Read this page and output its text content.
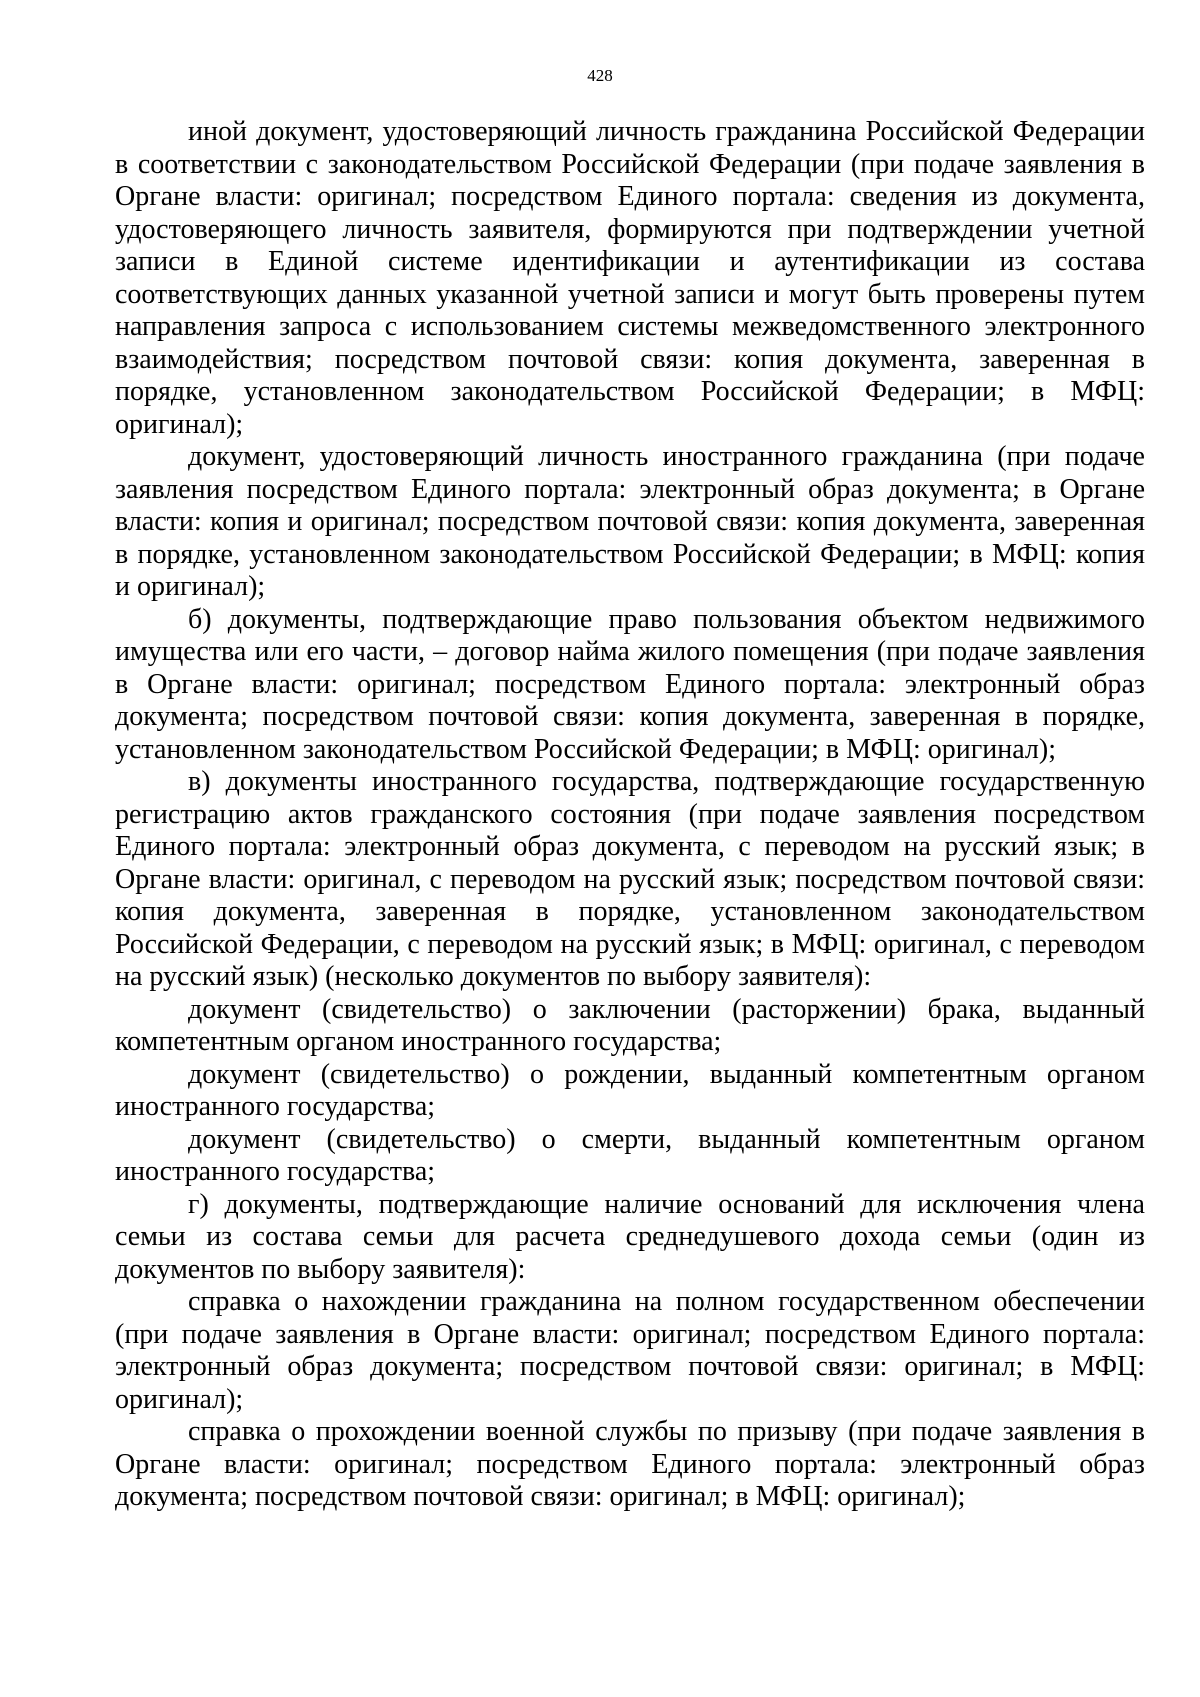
428

иной документ, удостоверяющий личность гражданина Российской Федерации в соответствии с законодательством Российской Федерации (при подаче заявления в Органе власти: оригинал; посредством Единого портала: сведения из документа, удостоверяющего личность заявителя, формируются при подтверждении учетной записи в Единой системе идентификации и аутентификации из состава соответствующих данных указанной учетной записи и могут быть проверены путем направления запроса с использованием системы межведомственного электронного взаимодействия; посредством почтовой связи: копия документа, заверенная в порядке, установленном законодательством Российской Федерации; в МФЦ: оригинал);

документ, удостоверяющий личность иностранного гражданина (при подаче заявления посредством Единого портала: электронный образ документа; в Органе власти: копия и оригинал; посредством почтовой связи: копия документа, заверенная в порядке, установленном законодательством Российской Федерации; в МФЦ: копия и оригинал);

б) документы, подтверждающие право пользования объектом недвижимого имущества или его части, – договор найма жилого помещения (при подаче заявления в Органе власти: оригинал; посредством Единого портала: электронный образ документа; посредством почтовой связи: копия документа, заверенная в порядке, установленном законодательством Российской Федерации; в МФЦ: оригинал);

в) документы иностранного государства, подтверждающие государственную регистрацию актов гражданского состояния (при подаче заявления посредством Единого портала: электронный образ документа, с переводом на русский язык; в Органе власти: оригинал, с переводом на русский язык; посредством почтовой связи: копия документа, заверенная в порядке, установленном законодательством Российской Федерации, с переводом на русский язык; в МФЦ: оригинал, с переводом на русский язык) (несколько документов по выбору заявителя):

документ (свидетельство) о заключении (расторжении) брака, выданный компетентным органом иностранного государства;

документ (свидетельство) о рождении, выданный компетентным органом иностранного государства;

документ (свидетельство) о смерти, выданный компетентным органом иностранного государства;

г) документы, подтверждающие наличие оснований для исключения члена семьи из состава семьи для расчета среднедушевого дохода семьи (один из документов по выбору заявителя):

справка о нахождении гражданина на полном государственном обеспечении (при подаче заявления в Органе власти: оригинал; посредством Единого портала: электронный образ документа; посредством почтовой связи: оригинал; в МФЦ: оригинал);

справка о прохождении военной службы по призыву (при подаче заявления в Органе власти: оригинал; посредством Единого портала: электронный образ документа; посредством почтовой связи: оригинал; в МФЦ: оригинал);
